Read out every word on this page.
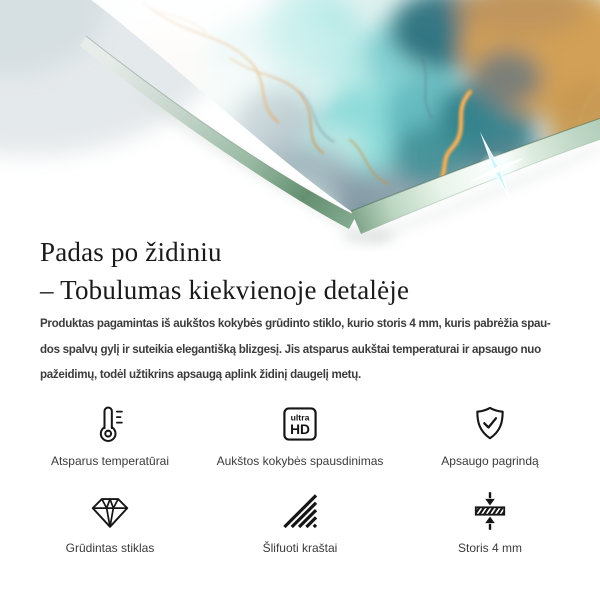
Padas po židiniu
– Tobulumas kiekvienoje detalėje
Produktas pagamintas iš aukštos kokybės grūdinto stiklo, kurio storis 4 mm, kuris pabrėžia spau-
dos spalvų gylį ir suteikia elegantišką blizgesį. Jis atsparus aukštai temperaturai ir apsaugo nuo
pažeidimų, todėl užtikrins apsaugą aplink židinį daugelį metų.
Atsparus temperatūrai
ultra
HD
Aukštos kokybės spausdinimas	Apsaugo pagrindą
Grūdintas stiklas	Šlifuoti kraštai	Storis 4 mm
